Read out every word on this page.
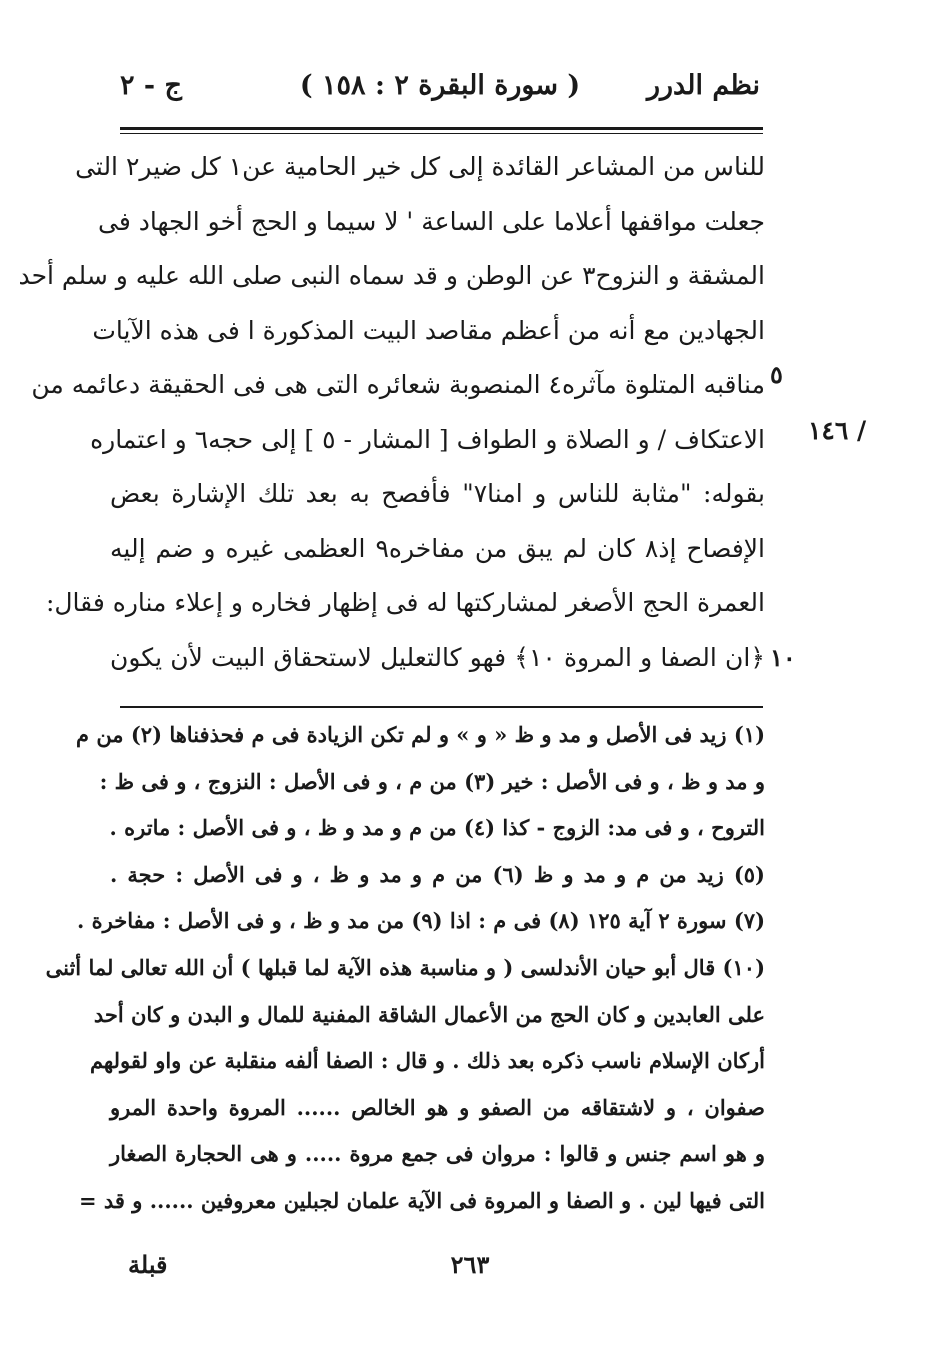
نظم الدرر
( سورة البقرة ٢ : ١٥٨ )
ج - ٢
للناس من المشاعر القائدة إلى كل خير الحامية عن١ كل ضير٢ التى
جعلت مواقفها أعلاما على الساعة ' لا سيما و الحج أخو الجهاد فى
المشقة و النزوح٣ عن الوطن و قد سماه النبى صلى الله عليه و سلم أحد
الجهادين مع أنه من أعظم مقاصد البيت المذكورة ا فى هذه الآيات
مناقبه المتلوة مآثره٤ المنصوبة شعائره التى هى فى الحقيقة دعائمه من
الاعتكاف / و الصلاة و الطواف [ المشار - ٥ ] إلى حجه٦ و اعتماره
بقوله: "مثابة للناس و امنا٧" فأفصح به بعد تلك الإشارة بعض
الإفصاح إذ٨ كان لم يبق من مفاخره٩ العظمى غيره و ضم إليه
العمرة الحج الأصغر لمشاركتها له فى إظهار فخاره و إعلاء مناره فقال:
﴿ان الصفا و المروة ١٠﴾ فهو كالتعليل لاستحقاق البيت لأن يكون
٥
١٠
١٤٦ /
(١) زيد فى الأصل و مد و ظ « و » و لم تكن الزيادة فى م فحذفناها (٢) من م
و مد و ظ ، و فى الأصل : خير (٣) من م ، و فى الأصل : النزوج ، و فى ظ :
التروح ، و فى مد: الزوج - كذا (٤) من م و مد و ظ ، و فى الأصل : ماتره .
(٥) زيد من م و مد و ظ (٦) من م و مد و ظ ، و فى الأصل : حجة .
(٧) سورة ٢ آية ١٢٥ (٨) فى م : اذا (٩) من مد و ظ ، و فى الأصل : مفاخرة .
(١٠) قال أبو حيان الأندلسى ( و مناسبة هذه الآية لما قبلها ) أن الله تعالى لما أثنى
على العابدين و كان الحج من الأعمال الشاقة المفنية للمال و البدن و كان أحد
أركان الإسلام ناسب ذكره بعد ذلك . و قال : الصفا ألفه منقلبة عن واو لقولهم
صفوان ، و لاشتقاقه من الصفو و هو الخالص ...... المروة واحدة المرو
و هو اسم جنس و قالوا : مروان فى جمع مروة ..... و هى الحجارة الصغار
التى فيها لين . و الصفا و المروة فى الآية علمان لجبلين معروفين ...... و قد =
٢٦٣
قبلة
